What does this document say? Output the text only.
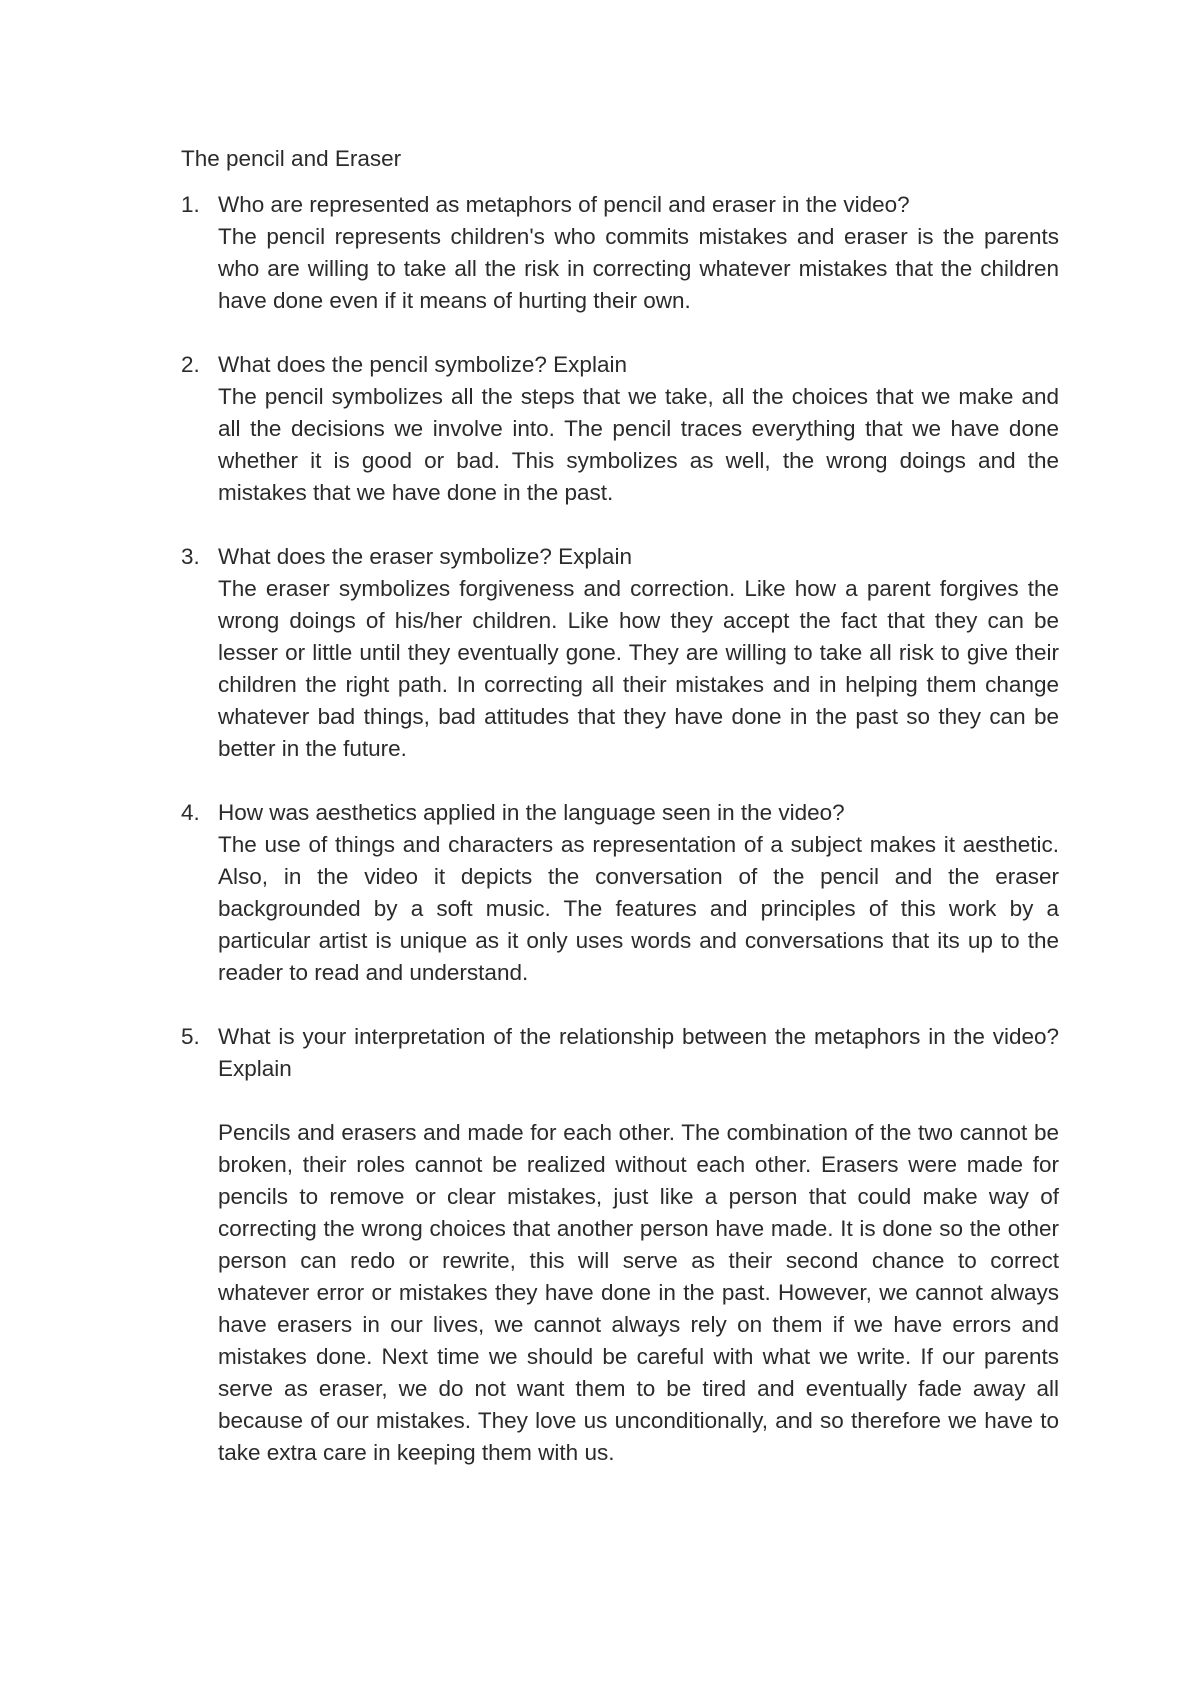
The pencil and Eraser
1. Who are represented as metaphors of pencil and eraser in the video?
The pencil represents children's who commits mistakes and eraser is the parents who are willing to take all the risk in correcting whatever mistakes that the children have done even if it means of hurting their own.
2. What does the pencil symbolize? Explain
The pencil symbolizes all the steps that we take, all the choices that we make and all the decisions we involve into. The pencil traces everything that we have done whether it is good or bad. This symbolizes as well, the wrong doings and the mistakes that we have done in the past.
3. What does the eraser symbolize? Explain
The eraser symbolizes forgiveness and correction. Like how a parent forgives the wrong doings of his/her children. Like how they accept the fact that they can be lesser or little until they eventually gone. They are willing to take all risk to give their children the right path. In correcting all their mistakes and in helping them change whatever bad things, bad attitudes that they have done in the past so they can be better in the future.
4. How was aesthetics applied in the language seen in the video?
The use of things and characters as representation of a subject makes it aesthetic. Also, in the video it depicts the conversation of the pencil and the eraser backgrounded by a soft music. The features and principles of this work by a particular artist is unique as it only uses words and conversations that its up to the reader to read and understand.
5. What is your interpretation of the relationship between the metaphors in the video? Explain
Pencils and erasers and made for each other. The combination of the two cannot be broken, their roles cannot be realized without each other. Erasers were made for pencils to remove or clear mistakes, just like a person that could make way of correcting the wrong choices that another person have made. It is done so the other person can redo or rewrite, this will serve as their second chance to correct whatever error or mistakes they have done in the past. However, we cannot always have erasers in our lives, we cannot always rely on them if we have errors and mistakes done. Next time we should be careful with what we write. If our parents serve as eraser, we do not want them to be tired and eventually fade away all because of our mistakes. They love us unconditionally, and so therefore we have to take extra care in keeping them with us.
